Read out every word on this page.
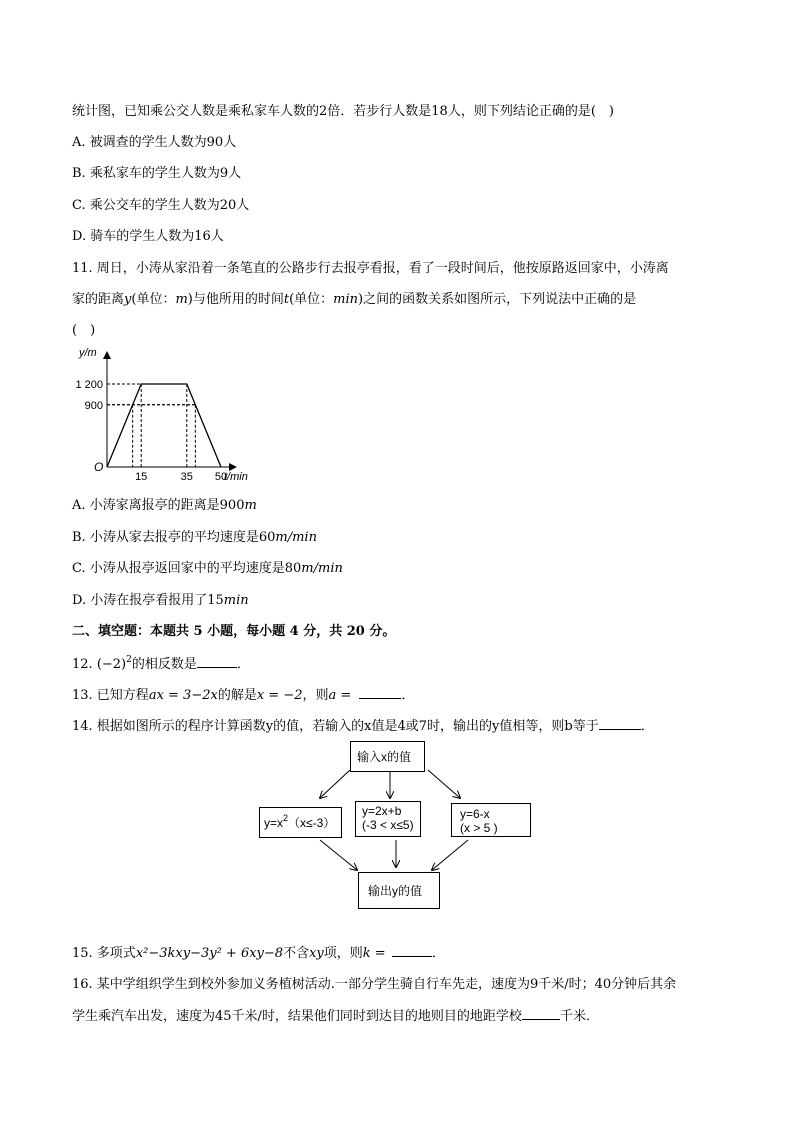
统计图，已知乘公交人数是乘私家车人数的2倍．若步行人数是18人，则下列结论正确的是(　)
A. 被调查的学生人数为90人
B. 乘私家车的学生人数为9人
C. 乘公交车的学生人数为20人
D. 骑车的学生人数为16人
11. 周日，小涛从家沿着一条笔直的公路步行去报亭看报，看了一段时间后，他按原路返回家中，小涛离
家的距离y(单位：m)与他所用的时间t(单位：min)之间的函数关系如图所示，下列说法中正确的是
(　)
15	35 50
1 200
900
y/m
t/min
O
A. 小涛家离报亭的距离是900m
B. 小涛从家去报亭的平均速度是60m/min
C. 小涛从报亭返回家中的平均速度是80m/min
D. 小涛在报亭看报用了15min
二、填空题：本题共 5 小题，每小题 4 分，共 20 分。
12. $(-2)^2$的相反数是	．
13. 已知方程ax = 3−2x的解是x = −2，则a =	．
14. 根据如图所示的程序计算函数y的值，若输入的x值是4或7时，输出的y值相等，则b等于	．
输入x的值
$y=x^2(x\le-3)$
y=2x+b
(-3 < x≤5)
y=6-x
(x > 5 )
输出y的值
15. 多项式x²−3kxy−3y² + 6xy−8不含xy项，则k =	．
16. 某中学组织学生到校外参加义务植树活动.一部分学生骑自行车先走，速度为9千米/时；40分钟后其余
学生乘汽车出发，速度为45千米/时，结果他们同时到达目的地则目的地距学校	千米．
